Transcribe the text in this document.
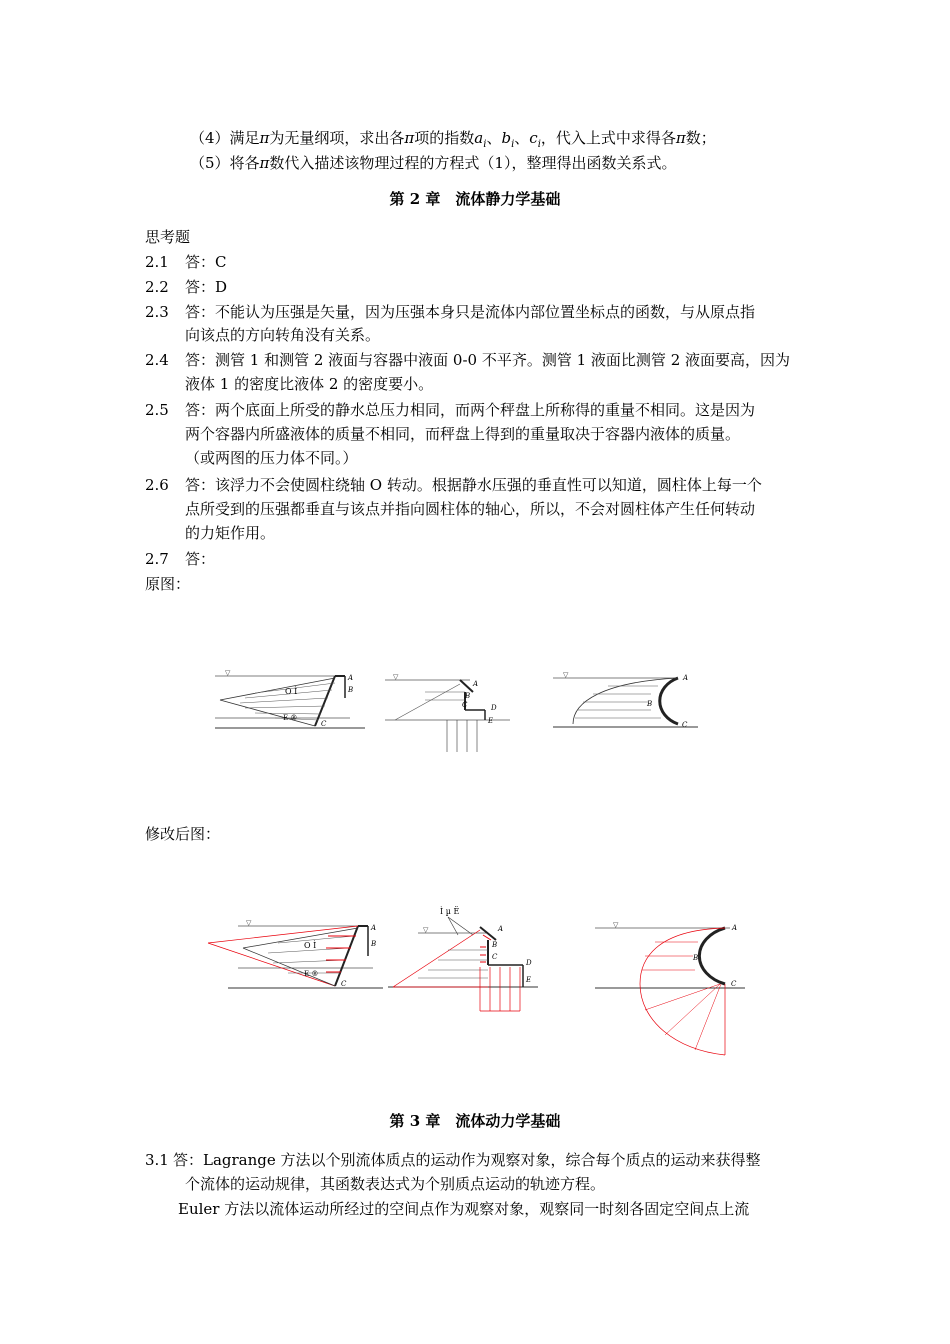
（4）满足π为无量纲项，求出各π项的指数$a_i$、$b_i$、$c_i$，代入上式中求得各π数；
（5）将各π数代入描述该物理过程的方程式（1），整理得出函数关系式。
第 2 章　流体静力学基础
思考题
2.1 答：C
2.2 答：D
2.3 答：不能认为压强是矢量，因为压强本身只是流体内部位置坐标点的函数，与从原点指
向该点的方向转角没有关系。
2.4 答：测管 1 和测管 2 液面与容器中液面 0-0 不平齐。测管 1 液面比测管 2 液面要高，因为
液体 1 的密度比液体 2 的密度要小。
2.5 答：两个底面上所受的静水总压力相同，而两个秤盘上所称得的重量不相同。这是因为
两个容器内所盛液体的质量不相同，而秤盘上得到的重量取决于容器内液体的质量。
（或两图的压力体不同。）
2.6 答：该浮力不会使圆柱绕轴 O 转动。根据静水压强的垂直性可以知道，圆柱体上每一个
点所受到的压强都垂直与该点并指向圆柱体的轴心，所以，不会对圆柱体产生任何转动
的力矩作用。
2.7 答：
原图：
▽
O Ì
E ®
A
B
C
▽
A
B
C	D
E
▽	A
B
C
修改后图：
▽
O Ì
E ®
A
B
C
Ì µ Ë
▽	A
B
C
D
E
▽	A
B
C
第 3 章　流体动力学基础
3.1 答：Lagrange 方法以个别流体质点的运动作为观察对象，综合每个质点的运动来获得整
个流体的运动规律，其函数表达式为个别质点运动的轨迹方程。
Euler 方法以流体运动所经过的空间点作为观察对象，观察同一时刻各固定空间点上流
